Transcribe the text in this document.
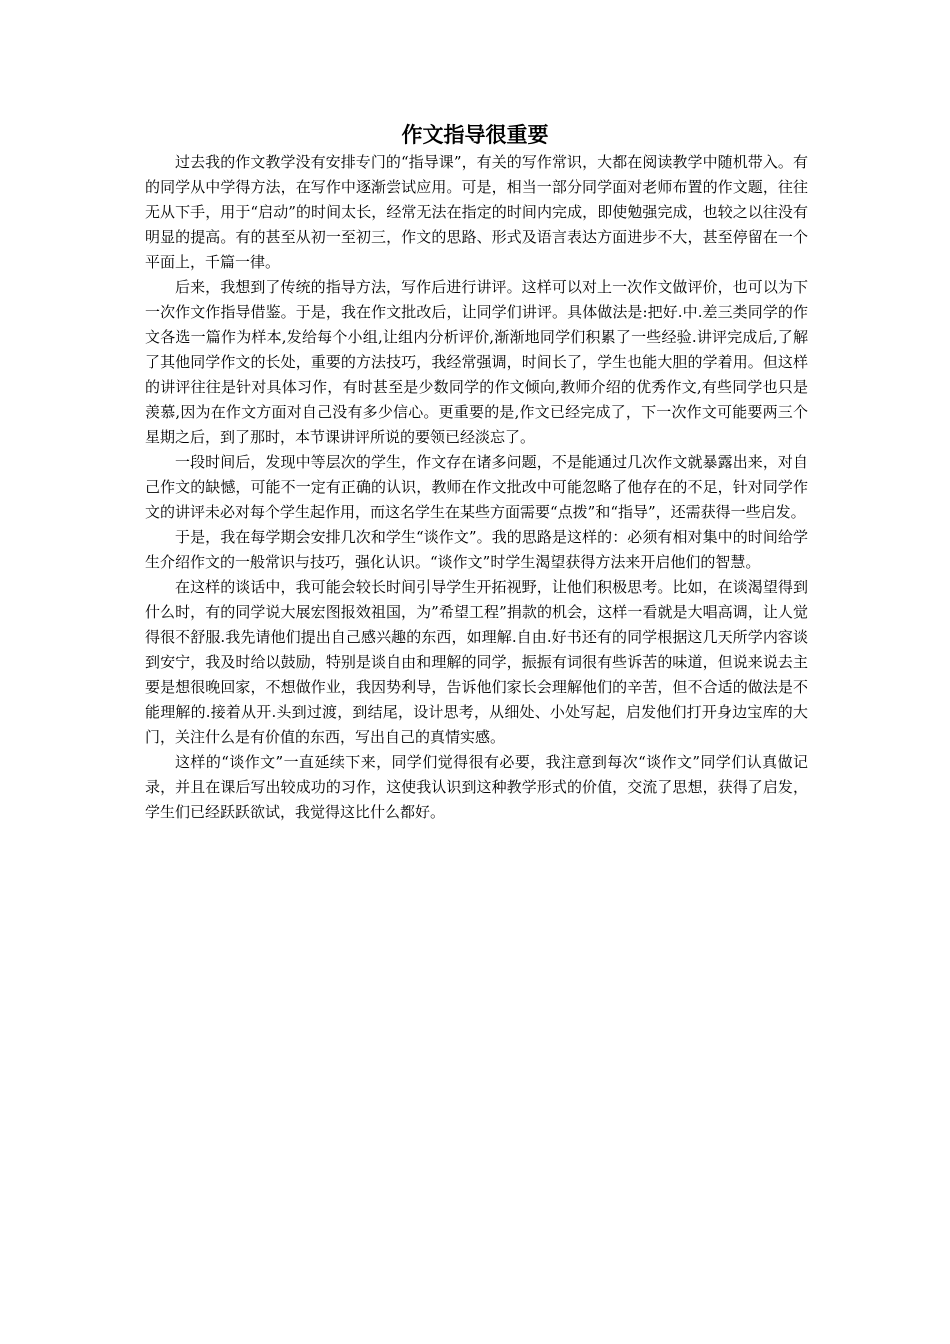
作文指导很重要

过去我的作文教学没有安排专门的“指导课”，有关的写作常识，大都在阅读教学中随机带入。有的同学从中学得方法，在写作中逐渐尝试应用。可是，相当一部分同学面对老师布置的作文题，往往无从下手，用于“启动”的时间太长，经常无法在指定的时间内完成，即使勉强完成，也较之以往没有明显的提高。有的甚至从初一至初三，作文的思路、形式及语言表达方面进步不大，甚至停留在一个平面上，千篇一律。

后来，我想到了传统的指导方法，写作后进行讲评。这样可以对上一次作文做评价，也可以为下一次作文作指导借鉴。于是，我在作文批改后，让同学们讲评。具体做法是:把好.中.差三类同学的作文各选一篇作为样本,发给每个小组,让组内分析评价,渐渐地同学们积累了一些经验.讲评完成后,了解了其他同学作文的长处，重要的方法技巧，我经常强调，时间长了，学生也能大胆的学着用。但这样的讲评往往是针对具体习作，有时甚至是少数同学的作文倾向,教师介绍的优秀作文,有些同学也只是羡慕,因为在作文方面对自己没有多少信心。更重要的是,作文已经完成了，下一次作文可能要两三个星期之后，到了那时，本节课讲评所说的要领已经淡忘了。

一段时间后，发现中等层次的学生，作文存在诸多问题，不是能通过几次作文就暴露出来，对自己作文的缺憾，可能不一定有正确的认识，教师在作文批改中可能忽略了他存在的不足，针对同学作文的讲评未必对每个学生起作用，而这名学生在某些方面需要“点拨”和“指导”，还需获得一些启发。

于是，我在每学期会安排几次和学生“谈作文”。我的思路是这样的：必须有相对集中的时间给学生介绍作文的一般常识与技巧，强化认识。“谈作文”时学生渴望获得方法来开启他们的智慧。

在这样的谈话中，我可能会较长时间引导学生开拓视野，让他们积极思考。比如，在谈渴望得到 什么时，有的同学说大展宏图报效祖国，为”希望工程”捐款的机会，这样一看就是大唱高调，让人觉得很不舒服.我先请他们提出自己感兴趣的东西，如理解.自由.好书还有的同学根据这几天所学内容谈到安宁，我及时给以鼓励，特别是谈自由和理解的同学，振振有词很有些诉苦的味道，但说来说去主要是想很晚回家，不想做作业，我因势利导，告诉他们家长会理解他们的辛苦，但不合适的做法是不能理解的.接着从开.头到过渡，到结尾，设计思考，从细处、小处写起，启发他们打开身边宝库的大门，关注什么是有价值的东西，写出自己的真情实感。

这样的“谈作文”一直延续下来，同学们觉得很有必要，我注意到每次“谈作文”同学们认真做记录，并且在课后写出较成功的习作，这使我认识到这种教学形式的价值，交流了思想，获得了启发，学生们已经跃跃欲试，我觉得这比什么都好。
